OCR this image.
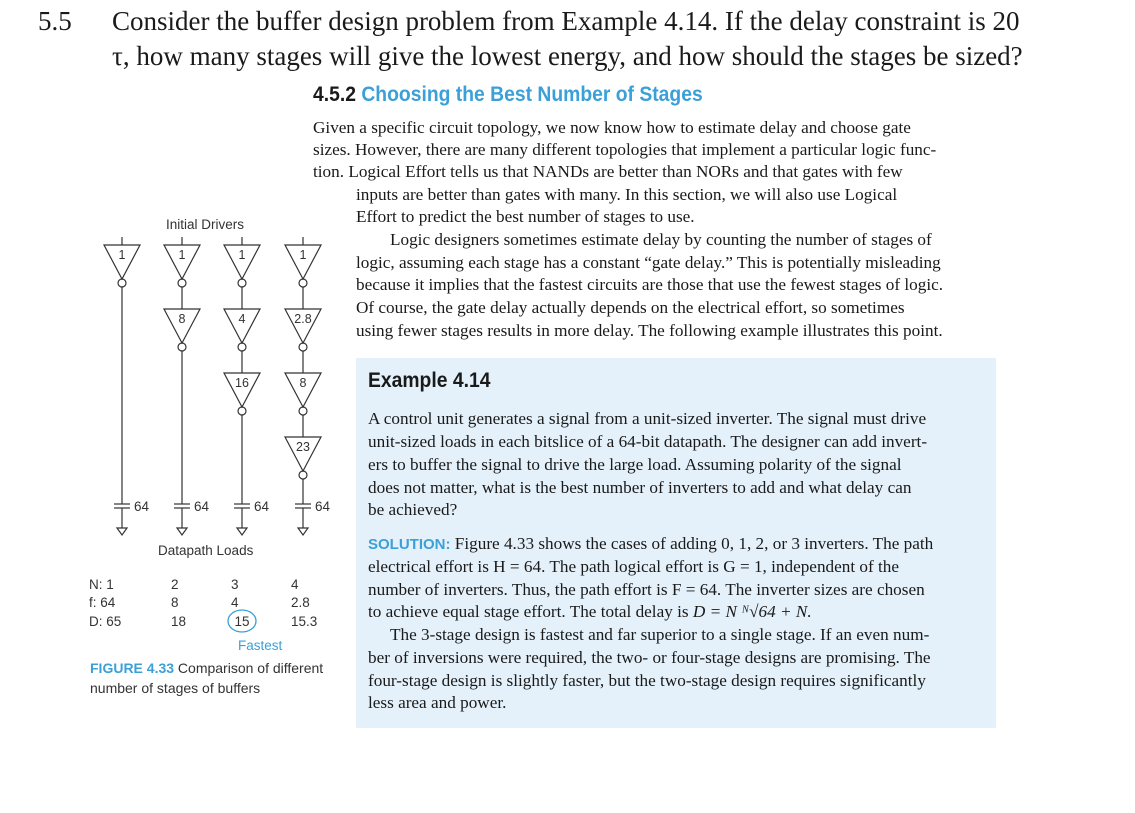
5.5 Consider the buffer design problem from Example 4.14. If the delay constraint is 20
τ, how many stages will give the lowest energy, and how should the stages be sized?
4.5.2 Choosing the Best Number of Stages
Given a specific circuit topology, we now know how to estimate delay and choose gate
sizes. However, there are many different topologies that implement a particular logic func-
tion. Logical Effort tells us that NANDs are better than NORs and that gates with few
inputs are better than gates with many. In this section, we will also use Logical
Effort to predict the best number of stages to use.
Logic designers sometimes estimate delay by counting the number of stages of
logic, assuming each stage has a constant “gate delay.” This is potentially misleading
because it implies that the fastest circuits are those that use the fewest stages of logic.
Of course, the gate delay actually depends on the electrical effort, so sometimes
using fewer stages results in more delay. The following example illustrates this point.
Example 4.14
A control unit generates a signal from a unit-sized inverter. The signal must drive
unit-sized loads in each bitslice of a 64-bit datapath. The designer can add invert-
ers to buffer the signal to drive the large load. Assuming polarity of the signal
does not matter, what is the best number of inverters to add and what delay can
be achieved?
SOLUTION: Figure 4.33 shows the cases of adding 0, 1, 2, or 3 inverters. The path
electrical effort is H = 64. The path logical effort is G = 1, independent of the
number of inverters. Thus, the path effort is F = 64. The inverter sizes are chosen
to achieve equal stage effort. The total delay is D = N ᴺ√64 + N.
The 3-stage design is fastest and far superior to a single stage. If an even num-
ber of inversions were required, the two- or four-stage designs are promising. The
four-stage design is slightly faster, but the two-stage design requires significantly
less area and power.
1	1	1	1
8	4
16
2.8
8
23
64	64	64	64
Initial Drivers
Datapath Loads
N: 1	2	3	4
f: 64	8	4	2.8
D: 65	18	15	15.3
Fastest
FIGURE 4.33 Comparison of different
number of stages of buffers
